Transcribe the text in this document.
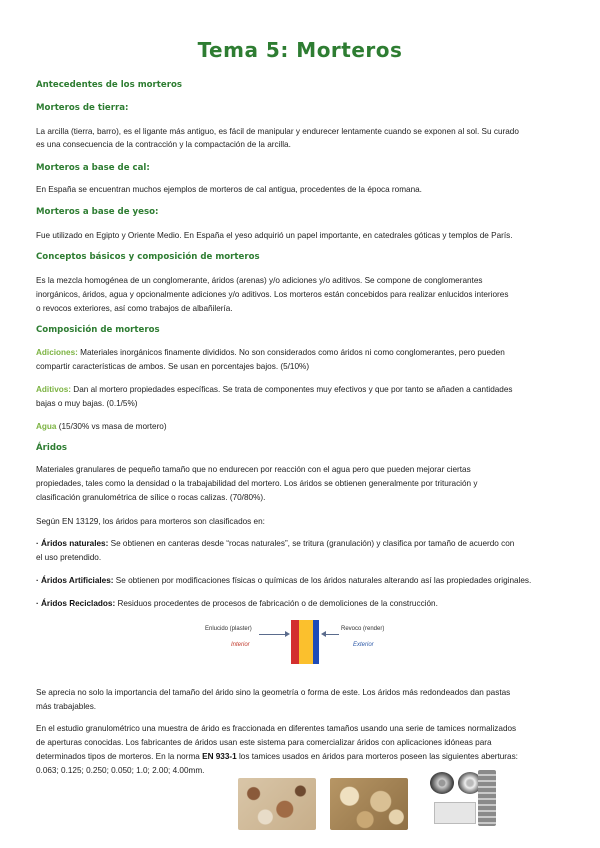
Tema 5: Morteros
Antecedentes de los morteros
Morteros de tierra:
La arcilla (tierra, barro), es el ligante más antiguo, es fácil de manipular y endurecer lentamente cuando se exponen al sol. Su curado
es una consecuencia de la contracción y la compactación de la arcilla.
Morteros a base de cal:
En España se encuentran muchos ejemplos de morteros de cal antigua, procedentes de la época romana.
Morteros a base de yeso:
Fue utilizado en Egipto y Oriente Medio. En España el yeso adquirió un papel importante, en catedrales góticas y templos de París.
Conceptos básicos y composición de morteros
Es la mezcla homogénea de un conglomerante, áridos (arenas) y/o adiciones y/o aditivos. Se compone de conglomerantes
inorgánicos, áridos, agua y opcionalmente adiciones y/o aditivos. Los morteros están concebidos para realizar enlucidos interiores
o revocos exteriores, así como trabajos de albañilería.
Composición de morteros
Adiciones: Materiales inorgánicos finamente divididos. No son considerados como áridos ni como conglomerantes, pero pueden
compartir características de ambos. Se usan en porcentajes bajos. (5/10%)
Aditivos: Dan al mortero propiedades específicas. Se trata de componentes muy efectivos y que por tanto se añaden a cantidades
bajas o muy bajas. (0.1/5%)
Agua (15/30% vs masa de mortero)
Áridos
Materiales granulares de pequeño tamaño que no endurecen por reacción con el agua pero que pueden mejorar ciertas
propiedades, tales como la densidad o la trabajabilidad del mortero. Los áridos se obtienen generalmente por trituración y
clasificación granulométrica de sílice o rocas calizas. (70/80%).
Según EN 13129, los áridos para morteros son clasificados en:
· Áridos naturales: Se obtienen en canteras desde “rocas naturales”, se tritura (granulación) y clasifica por tamaño de acuerdo con
el uso pretendido.
· Áridos Artificiales: Se obtienen por modificaciones físicas o químicas de los áridos naturales alterando así las propiedades originales.
· Áridos Reciclados: Residuos procedentes de procesos de fabricación o de demoliciones de la construcción.
Enlucido (plaster)
Interior
Revoco (render)
Exterior
Se aprecia no solo la importancia del tamaño del árido sino la geometría o forma de este. Los áridos más redondeados dan pastas
más trabajables.
En el estudio granulométrico una muestra de árido es fraccionada en diferentes tamaños usando una serie de tamices normalizados
de aperturas conocidas. Los fabricantes de áridos usan este sistema para comercializar áridos con aplicaciones idóneas para
determinados tipos de morteros. En la norma EN 933-1 los tamices usados en áridos para morteros poseen las siguientes aberturas:
0.063; 0.125; 0.250; 0.050; 1.0; 2.00; 4.00mm.
